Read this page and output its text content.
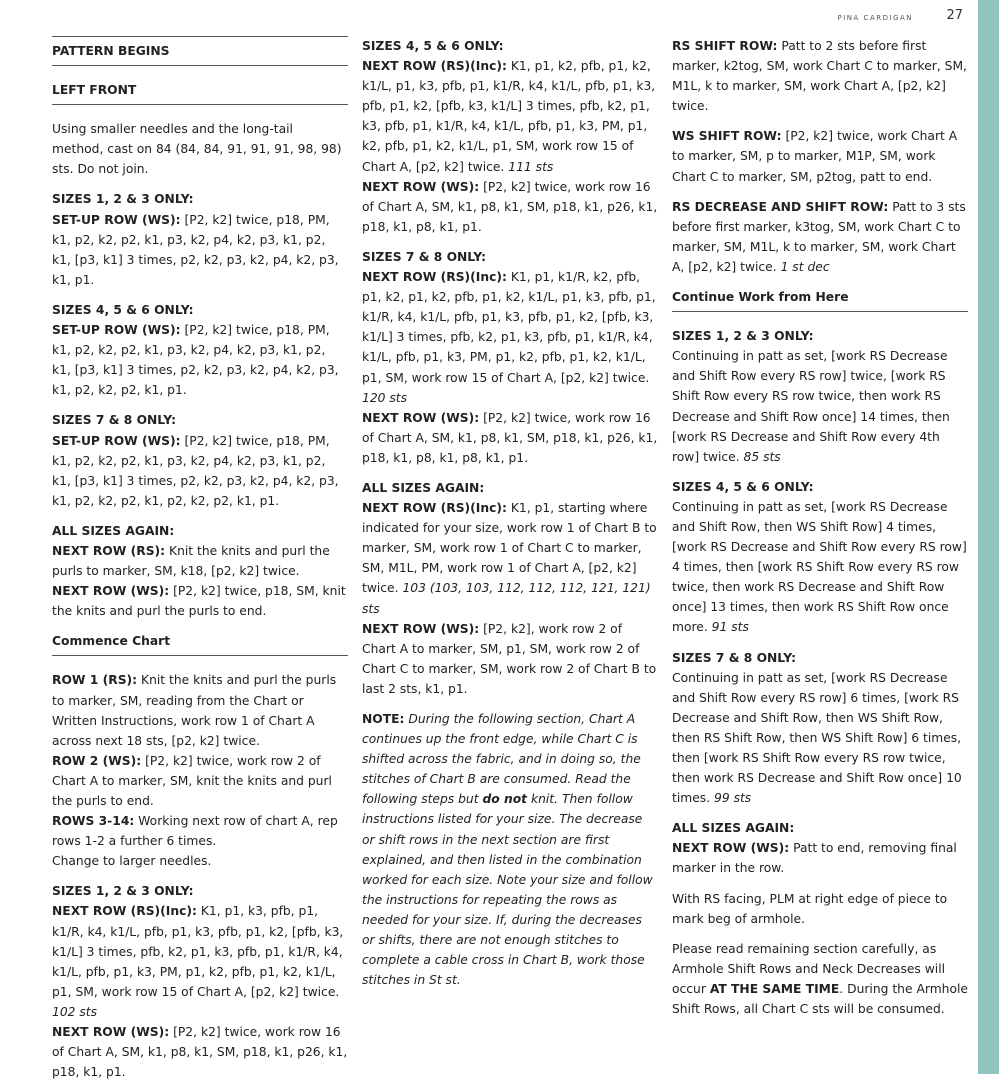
PINA CARDIGAN	27
PATTERN BEGINS
LEFT FRONT

Using smaller needles and the long-tail method, cast on 84 (84, 84, 91, 91, 91, 98, 98) sts. Do not join.

SIZES 1, 2 & 3 ONLY:

SET-UP ROW (WS): [P2, k2] twice, p18, PM, k1, p2, k2, p2, k1, p3, k2, p4, k2, p3, k1, p2, k1, [p3, k1] 3 times, p2, k2, p3, k2, p4, k2, p3, k1, p1.

SIZES 4, 5 & 6 ONLY:

SET-UP ROW (WS): [P2, k2] twice, p18, PM, k1, p2, k2, p2, k1, p3, k2, p4, k2, p3, k1, p2, k1, [p3, k1] 3 times, p2, k2, p3, k2, p4, k2, p3, k1, p2, k2, p2, k1, p1.

SIZES 7 & 8 ONLY:

SET-UP ROW (WS): [P2, k2] twice, p18, PM, k1, p2, k2, p2, k1, p3, k2, p4, k2, p3, k1, p2, k1, [p3, k1] 3 times, p2, k2, p3, k2, p4, k2, p3, k1, p2, k2, p2, k1, p2, k2, p2, k1, p1.

ALL SIZES AGAIN:

NEXT ROW (RS): Knit the knits and purl the purls to marker, SM, k18, [p2, k2] twice.

NEXT ROW (WS): [P2, k2] twice, p18, SM, knit the knits and purl the purls to end.

Commence Chart

ROW 1 (RS): Knit the knits and purl the purls to marker, SM, reading from the Chart or Written Instructions, work row 1 of Chart A across next 18 sts, [p2, k2] twice.

ROW 2 (WS): [P2, k2] twice, work row 2 of Chart A to marker, SM, knit the knits and purl the purls to end.

ROWS 3-14: Working next row of chart A, rep rows 1-2 a further 6 times.

Change to larger needles.

SIZES 1, 2 & 3 ONLY:

NEXT ROW (RS)(Inc): K1, p1, k3, pfb, p1, k1/R, k4, k1/L, pfb, p1, k3, pfb, p1, k2, [pfb, k3, k1/L] 3 times, pfb, k2, p1, k3, pfb, p1, k1/R, k4, k1/L, pfb, p1, k3, PM, p1, k2, pfb, p1, k2, k1/L, p1, SM, work row 15 of Chart A, [p2, k2] twice. 102 sts

NEXT ROW (WS): [P2, k2] twice, work row 16 of Chart A, SM, k1, p8, k1, SM, p18, k1, p26, k1, p18, k1, p1.

SIZES 4, 5 & 6 ONLY:

NEXT ROW (RS)(Inc): K1, p1, k2, pfb, p1, k2, k1/L, p1, k3, pfb, p1, k1/R, k4, k1/L, pfb, p1, k3, pfb, p1, k2, [pfb, k3, k1/L] 3 times, pfb, k2, p1, k3, pfb, p1, k1/R, k4, k1/L, pfb, p1, k3, PM, p1, k2, pfb, p1, k2, k1/L, p1, SM, work row 15 of Chart A, [p2, k2] twice. 111 sts

NEXT ROW (WS): [P2, k2] twice, work row 16 of Chart A, SM, k1, p8, k1, SM, p18, k1, p26, k1, p18, k1, p8, k1, p1.

SIZES 7 & 8 ONLY:

NEXT ROW (RS)(Inc): K1, p1, k1/R, k2, pfb, p1, k2, p1, k2, pfb, p1, k2, k1/L, p1, k3, pfb, p1, k1/R, k4, k1/L, pfb, p1, k3, pfb, p1, k2, [pfb, k3, k1/L] 3 times, pfb, k2, p1, k3, pfb, p1, k1/R, k4, k1/L, pfb, p1, k3, PM, p1, k2, pfb, p1, k2, k1/L, p1, SM, work row 15 of Chart A, [p2, k2] twice. 120 sts

NEXT ROW (WS): [P2, k2] twice, work row 16 of Chart A, SM, k1, p8, k1, SM, p18, k1, p26, k1, p18, k1, p8, k1, p8, k1, p1.

ALL SIZES AGAIN:

NEXT ROW (RS)(Inc): K1, p1, starting where indicated for your size, work row 1 of Chart B to marker, SM, work row 1 of Chart C to marker, SM, M1L, PM, work row 1 of Chart A, [p2, k2] twice. 103 (103, 103, 112, 112, 112, 121, 121) sts

NEXT ROW (WS): [P2, k2], work row 2 of Chart A to marker, SM, p1, SM, work row 2 of Chart C to marker, SM, work row 2 of Chart B to last 2 sts, k1, p1.

NOTE: During the following section, Chart A continues up the front edge, while Chart C is shifted across the fabric, and in doing so, the stitches of Chart B are consumed. Read the following steps but do not knit. Then follow instructions listed for your size. The decrease or shift rows in the next section are first explained, and then listed in the combination worked for each size. Note your size and follow the instructions for repeating the rows as needed for your size. If, during the decreases or shifts, there are not enough stitches to complete a cable cross in Chart B, work those stitches in St st.

RS SHIFT ROW: Patt to 2 sts before first marker, k2tog, SM, work Chart C to marker, SM, M1L, k to marker, SM, work Chart A, [p2, k2] twice.

WS SHIFT ROW: [P2, k2] twice, work Chart A to marker, SM, p to marker, M1P, SM, work Chart C to marker, SM, p2tog, patt to end.

RS DECREASE AND SHIFT ROW: Patt to 3 sts before first marker, k3tog, SM, work Chart C to marker, SM, M1L, k to marker, SM, work Chart A, [p2, k2] twice. 1 st dec

Continue Work from Here
SIZES 1, 2 & 3 ONLY:

Continuing in patt as set, [work RS Decrease and Shift Row every RS row] twice, [work RS Shift Row every RS row twice, then work RS Decrease and Shift Row once] 14 times, then [work RS Decrease and Shift Row every 4th row] twice. 85 sts

SIZES 4, 5 & 6 ONLY:

Continuing in patt as set, [work RS Decrease and Shift Row, then WS Shift Row] 4 times, [work RS Decrease and Shift Row every RS row] 4 times, then [work RS Shift Row every RS row twice, then work RS Decrease and Shift Row once] 13 times, then work RS Shift Row once more. 91 sts

SIZES 7 & 8 ONLY:

Continuing in patt as set, [work RS Decrease and Shift Row every RS row] 6 times, [work RS Decrease and Shift Row, then WS Shift Row, then RS Shift Row, then WS Shift Row] 6 times, then [work RS Shift Row every RS row twice, then work RS Decrease and Shift Row once] 10 times. 99 sts

ALL SIZES AGAIN:

NEXT ROW (WS): Patt to end, removing final marker in the row.

With RS facing, PLM at right edge of piece to mark beg of armhole.

Please read remaining section carefully, as Armhole Shift Rows and Neck Decreases will occur AT THE SAME TIME. During the Armhole Shift Rows, all Chart C sts will be consumed.
